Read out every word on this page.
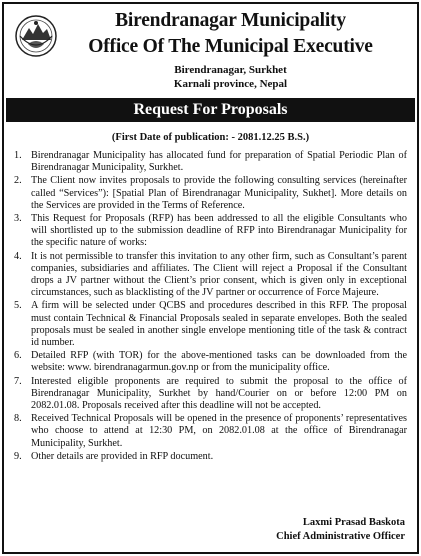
Birendranagar Municipality
Office Of The Municipal Executive
Birendranagar, Surkhet
Karnali province, Nepal
Request For Proposals
(First Date of publication: - 2081.12.25 B.S.)
1. Birendranagar Municipality has allocated fund for preparation of Spatial Periodic Plan of Birendranagar Municipality, Surkhet.
2. The Client now invites proposals to provide the following consulting services (hereinafter called “Services”): [Spatial Plan of Birendranagar Municipality, Sukhet]. More details on the Services are provided in the Terms of Reference.
3. This Request for Proposals (RFP) has been addressed to all the eligible Consultants who will shortlisted up to the submission deadline of RFP into Birendranagar Municipality for the specific nature of works:
4. It is not permissible to transfer this invitation to any other firm, such as Consultant’s parent companies, subsidiaries and affiliates. The Client will reject a Proposal if the Consultant drops a JV partner without the Client’s prior consent, which is given only in exceptional circumstances, such as blacklisting of the JV partner or occurrence of Force Majeure.
5. A firm will be selected under QCBS and procedures described in this RFP. The proposal must contain Technical & Financial Proposals sealed in separate envelopes. Both the sealed proposals must be sealed in another single envelope mentioning title of the task & contract id number.
6. Detailed RFP (with TOR) for the above-mentioned tasks can be downloaded from the website: www. birendranagarmun.gov.np or from the municipality office.
7. Interested eligible proponents are required to submit the proposal to the office of Birendranagar Municipality, Surkhet by hand/Courier on or before 12:00 PM on 2082.01.08. Proposals received after this deadline will not be accepted.
8. Received Technical Proposals will be opened in the presence of proponents’ representatives who choose to attend at 12:30 PM, on 2082.01.08 at the office of Birendranagar Municipality, Surkhet.
9. Other details are provided in RFP document.
Laxmi Prasad Baskota
Chief Administrative Officer
